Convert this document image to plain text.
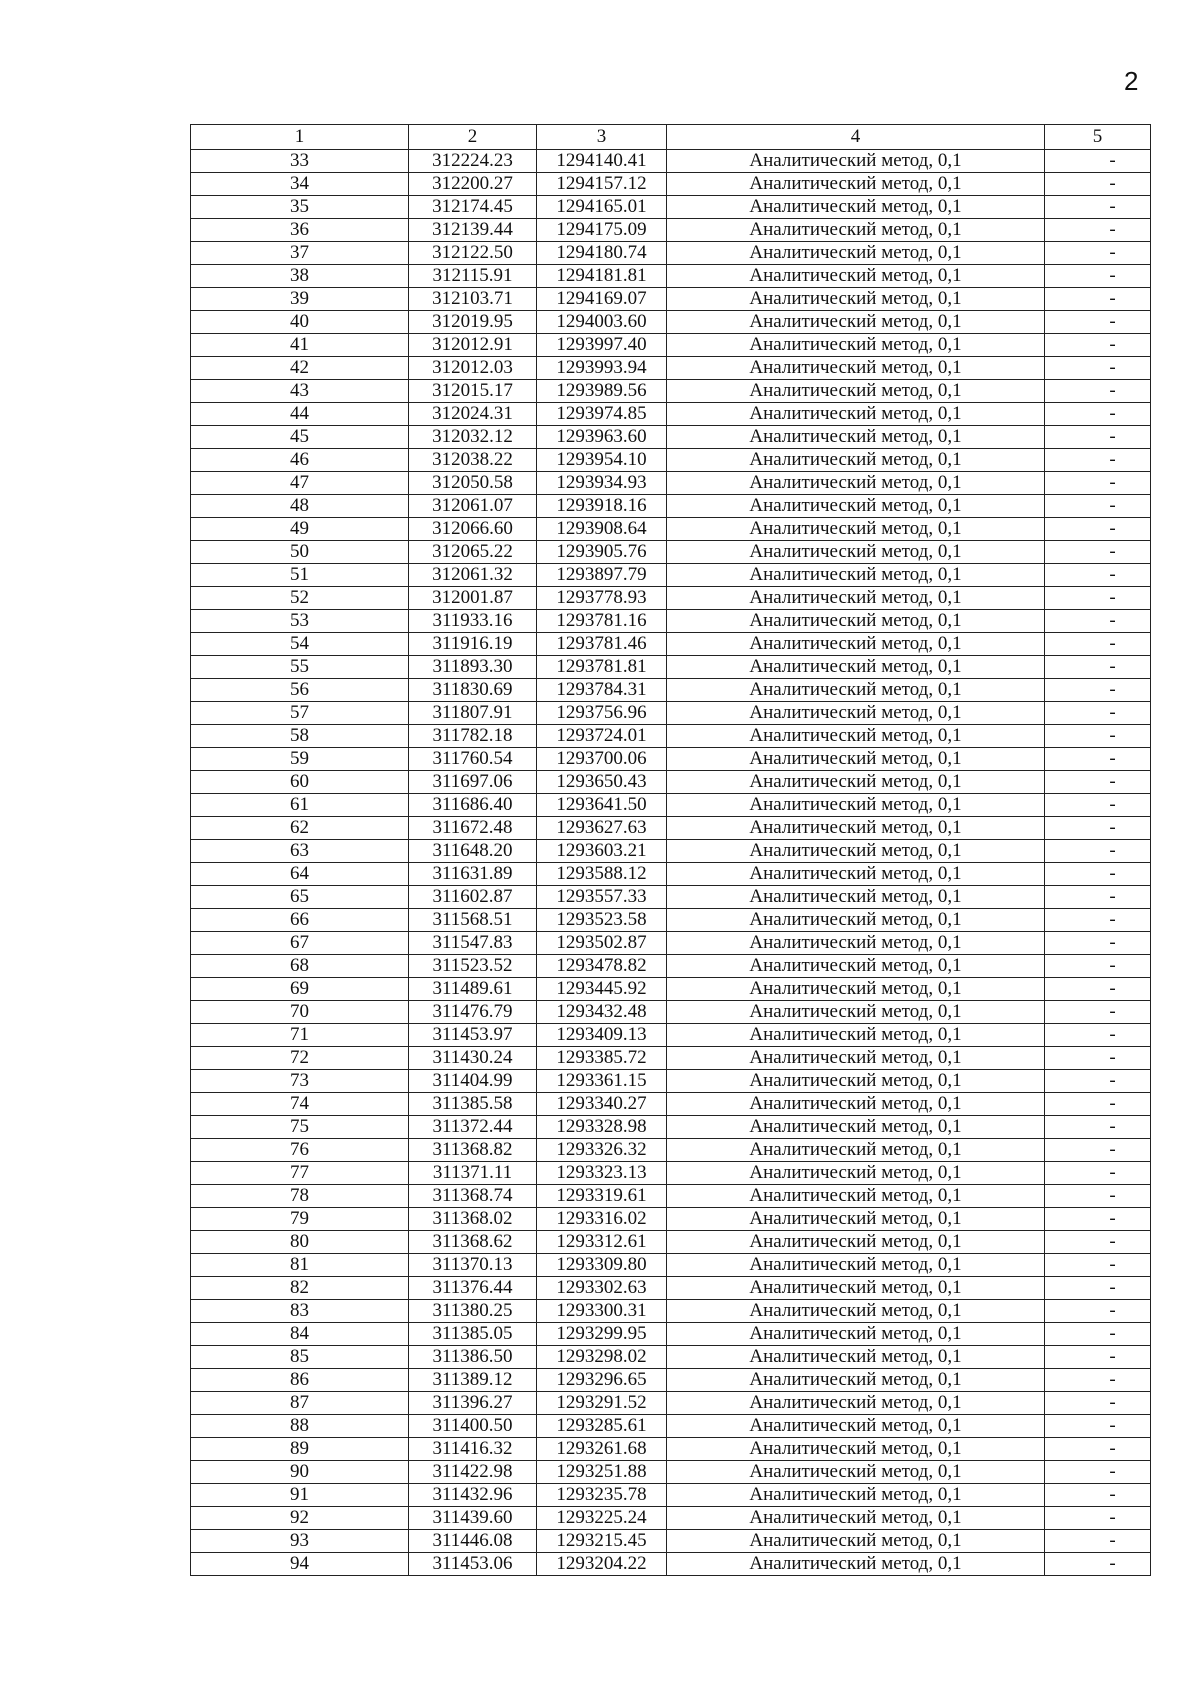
2
1	2	3	4	5
33	312224.23	1294140.41	Аналитический метод, 0,1	-
34	312200.27	1294157.12	Аналитический метод, 0,1	-
35	312174.45	1294165.01	Аналитический метод, 0,1	-
36	312139.44	1294175.09	Аналитический метод, 0,1	-
37	312122.50	1294180.74	Аналитический метод, 0,1	-
38	312115.91	1294181.81	Аналитический метод, 0,1	-
39	312103.71	1294169.07	Аналитический метод, 0,1	-
40	312019.95	1294003.60	Аналитический метод, 0,1	-
41	312012.91	1293997.40	Аналитический метод, 0,1	-
42	312012.03	1293993.94	Аналитический метод, 0,1	-
43	312015.17	1293989.56	Аналитический метод, 0,1	-
44	312024.31	1293974.85	Аналитический метод, 0,1	-
45	312032.12	1293963.60	Аналитический метод, 0,1	-
46	312038.22	1293954.10	Аналитический метод, 0,1	-
47	312050.58	1293934.93	Аналитический метод, 0,1	-
48	312061.07	1293918.16	Аналитический метод, 0,1	-
49	312066.60	1293908.64	Аналитический метод, 0,1	-
50	312065.22	1293905.76	Аналитический метод, 0,1	-
51	312061.32	1293897.79	Аналитический метод, 0,1	-
52	312001.87	1293778.93	Аналитический метод, 0,1	-
53	311933.16	1293781.16	Аналитический метод, 0,1	-
54	311916.19	1293781.46	Аналитический метод, 0,1	-
55	311893.30	1293781.81	Аналитический метод, 0,1	-
56	311830.69	1293784.31	Аналитический метод, 0,1	-
57	311807.91	1293756.96	Аналитический метод, 0,1	-
58	311782.18	1293724.01	Аналитический метод, 0,1	-
59	311760.54	1293700.06	Аналитический метод, 0,1	-
60	311697.06	1293650.43	Аналитический метод, 0,1	-
61	311686.40	1293641.50	Аналитический метод, 0,1	-
62	311672.48	1293627.63	Аналитический метод, 0,1	-
63	311648.20	1293603.21	Аналитический метод, 0,1	-
64	311631.89	1293588.12	Аналитический метод, 0,1	-
65	311602.87	1293557.33	Аналитический метод, 0,1	-
66	311568.51	1293523.58	Аналитический метод, 0,1	-
67	311547.83	1293502.87	Аналитический метод, 0,1	-
68	311523.52	1293478.82	Аналитический метод, 0,1	-
69	311489.61	1293445.92	Аналитический метод, 0,1	-
70	311476.79	1293432.48	Аналитический метод, 0,1	-
71	311453.97	1293409.13	Аналитический метод, 0,1	-
72	311430.24	1293385.72	Аналитический метод, 0,1	-
73	311404.99	1293361.15	Аналитический метод, 0,1	-
74	311385.58	1293340.27	Аналитический метод, 0,1	-
75	311372.44	1293328.98	Аналитический метод, 0,1	-
76	311368.82	1293326.32	Аналитический метод, 0,1	-
77	311371.11	1293323.13	Аналитический метод, 0,1	-
78	311368.74	1293319.61	Аналитический метод, 0,1	-
79	311368.02	1293316.02	Аналитический метод, 0,1	-
80	311368.62	1293312.61	Аналитический метод, 0,1	-
81	311370.13	1293309.80	Аналитический метод, 0,1	-
82	311376.44	1293302.63	Аналитический метод, 0,1	-
83	311380.25	1293300.31	Аналитический метод, 0,1	-
84	311385.05	1293299.95	Аналитический метод, 0,1	-
85	311386.50	1293298.02	Аналитический метод, 0,1	-
86	311389.12	1293296.65	Аналитический метод, 0,1	-
87	311396.27	1293291.52	Аналитический метод, 0,1	-
88	311400.50	1293285.61	Аналитический метод, 0,1	-
89	311416.32	1293261.68	Аналитический метод, 0,1	-
90	311422.98	1293251.88	Аналитический метод, 0,1	-
91	311432.96	1293235.78	Аналитический метод, 0,1	-
92	311439.60	1293225.24	Аналитический метод, 0,1	-
93	311446.08	1293215.45	Аналитический метод, 0,1	-
94	311453.06	1293204.22	Аналитический метод, 0,1	-
